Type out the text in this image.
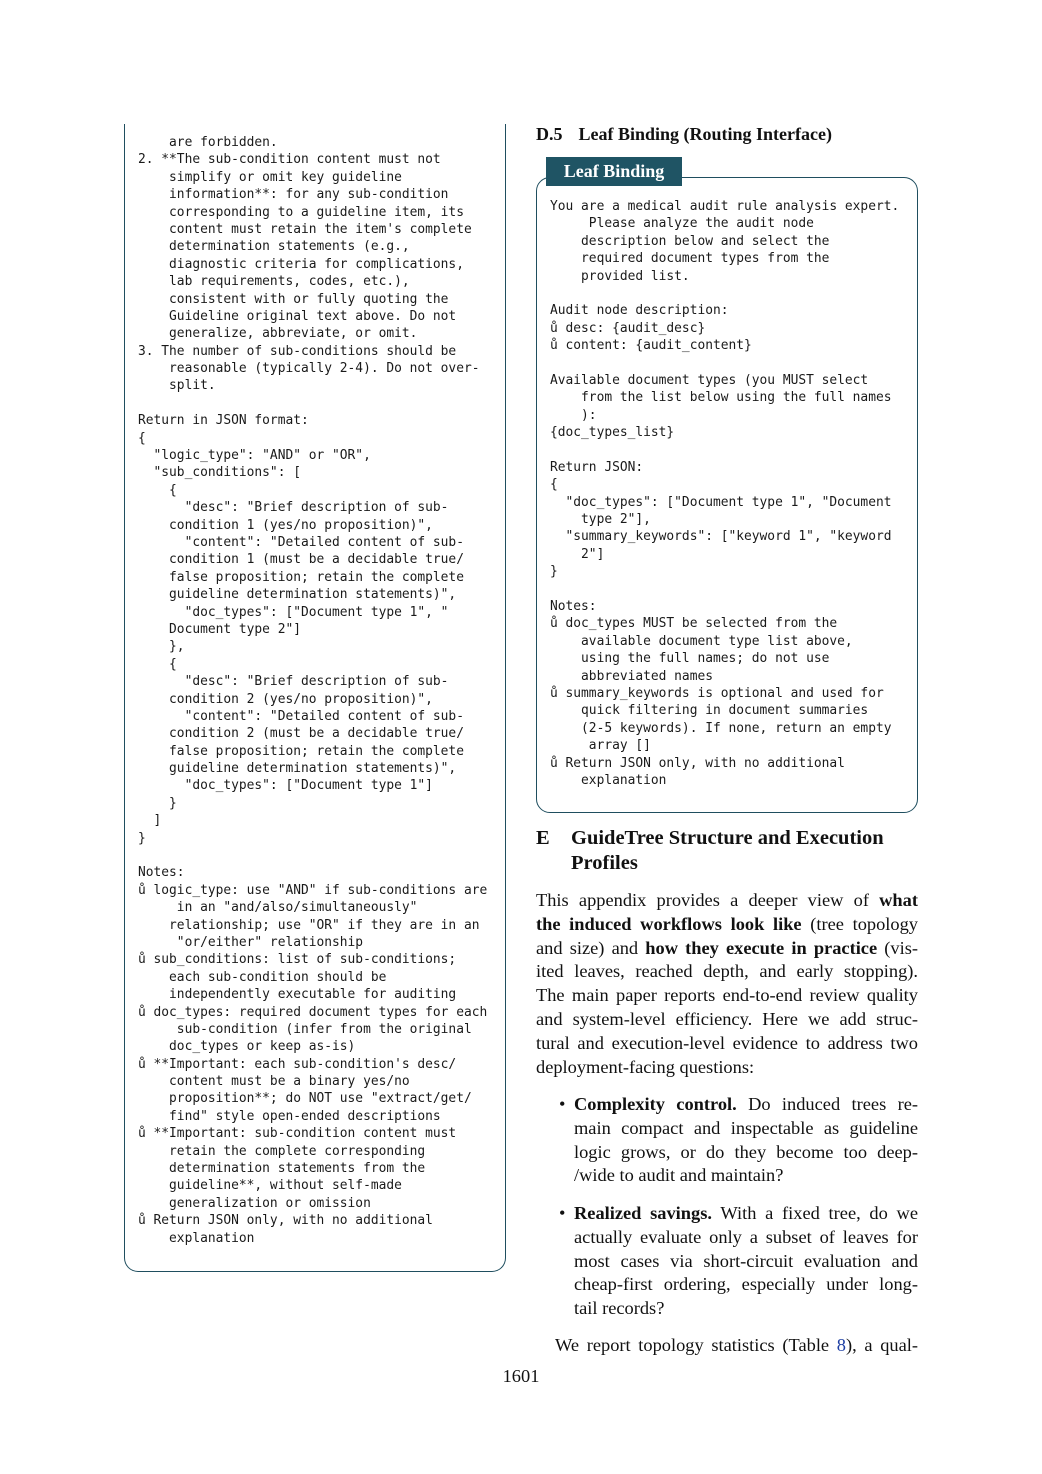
are forbidden.
2. **The sub-condition content must not
simplify or omit key guideline
information**: for any sub-condition
corresponding to a guideline item, its
content must retain the item's complete
determination statements (e.g.,
diagnostic criteria for complications,
lab requirements, codes, etc.),
consistent with or fully quoting the
Guideline original text above. Do not
generalize, abbreviate, or omit.
3. The number of sub-conditions should be
reasonable (typically 2-4). Do not over-
split.
Return in JSON format:
{
"logic_type": "AND" or "OR",
"sub_conditions": [
{
"desc": "Brief description of sub-
condition 1 (yes/no proposition)",
"content": "Detailed content of sub-
condition 1 (must be a decidable true/
false proposition; retain the complete
guideline determination statements)",
"doc_types": ["Document type 1", "
Document type 2"]
},
{
"desc": "Brief description of sub-
condition 2 (yes/no proposition)",
"content": "Detailed content of sub-
condition 2 (must be a decidable true/
false proposition; retain the complete
guideline determination statements)",
"doc_types": ["Document type 1"]
}
]
}
Notes:
ů logic_type: use "AND" if sub-conditions are
in an "and/also/simultaneously"
relationship; use "OR" if they are in an
"or/either" relationship
ů sub_conditions: list of sub-conditions;
each sub-condition should be
independently executable for auditing
ů doc_types: required document types for each
sub-condition (infer from the original
doc_types or keep as-is)
ů **Important: each sub-condition's desc/
content must be a binary yes/no
proposition**; do NOT use "extract/get/
find" style open-ended descriptions
ů **Important: sub-condition content must
retain the complete corresponding
determination statements from the
guideline**, without self-made
generalization or omission
ů Return JSON only, with no additional
explanation
D.5 Leaf Binding (Routing Interface)
Leaf Binding
You are a medical audit rule analysis expert.
Please analyze the audit node
description below and select the
required document types from the
provided list.
Audit node description:
ů desc: {audit_desc}
ů content: {audit_content}
Available document types (you MUST select
from the list below using the full names
):
{doc_types_list}
Return JSON:
{
"doc_types": ["Document type 1", "Document
type 2"],
"summary_keywords": ["keyword 1", "keyword
2"]
}
Notes:
ů doc_types MUST be selected from the
available document type list above,
using the full names; do not use
abbreviated names
ů summary_keywords is optional and used for
quick filtering in document summaries
(2-5 keywords). If none, return an empty
array []
ů Return JSON only, with no additional
explanation
E GuideTree Structure and Execution
Profiles
This appendix provides a deeper view of what
the induced workflows look like (tree topology
and size) and how they execute in practice (vis-
ited leaves, reached depth, and early stopping).
The main paper reports end-to-end review quality
and system-level efficiency. Here we add struc-
tural and execution-level evidence to address two
deployment-facing questions:
• Complexity control. Do induced trees re-
main compact and inspectable as guideline
logic grows, or do they become too deep-
/wide to audit and maintain?
• Realized savings. With a fixed tree, do we
actually evaluate only a subset of leaves for
most cases via short-circuit evaluation and
cheap-first ordering, especially under long-
tail records?
We report topology statistics (Table 8), a qual-
1601
